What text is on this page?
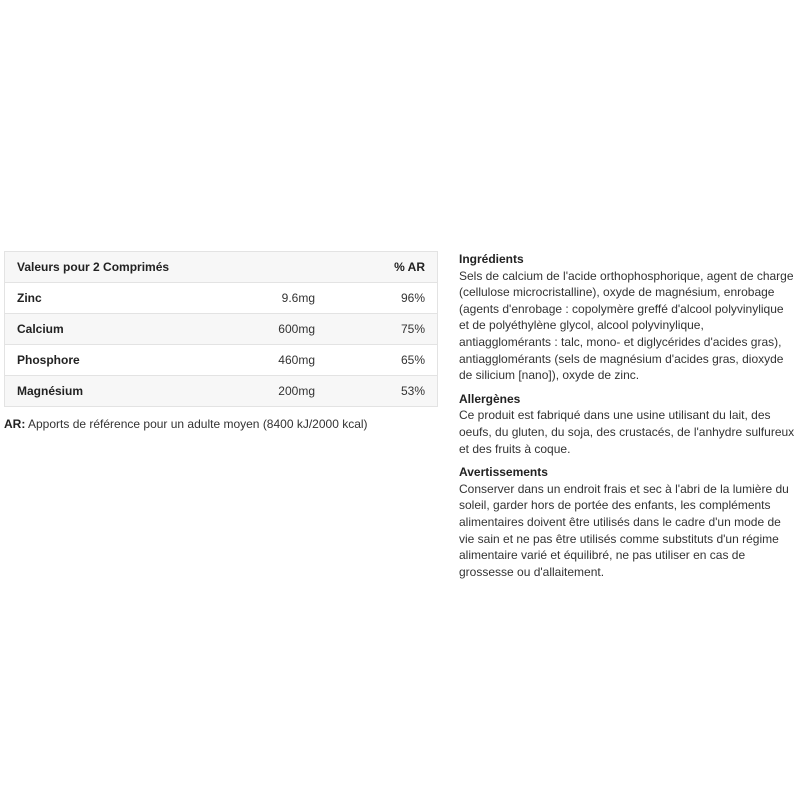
Valeurs pour 2 Comprimés		% AR
Zinc	9.6mg	96%
Calcium	600mg	75%
Phosphore	460mg	65%
Magnésium	200mg	53%
AR: Apports de référence pour un adulte moyen (8400 kJ/2000 kcal)
Ingrédients

Sels de calcium de l'acide orthophosphorique, agent de charge (cellulose microcristalline), oxyde de magnésium, enrobage (agents d'enrobage : copolymère greffé d'alcool polyvinylique et de polyéthylène glycol, alcool polyvinylique, antiagglomérants : talc, mono- et diglycérides d'acides gras), antiagglomérants (sels de magnésium d'acides gras, dioxyde de silicium [nano]), oxyde de zinc.

Allergènes

Ce produit est fabriqué dans une usine utilisant du lait, des oeufs, du gluten, du soja, des crustacés, de l'anhydre sulfureux et des fruits à coque.

Avertissements

Conserver dans un endroit frais et sec à l'abri de la lumière du soleil, garder hors de portée des enfants, les compléments alimentaires doivent être utilisés dans le cadre d'un mode de vie sain et ne pas être utilisés comme substituts d'un régime alimentaire varié et équilibré, ne pas utiliser en cas de grossesse ou d'allaitement.
